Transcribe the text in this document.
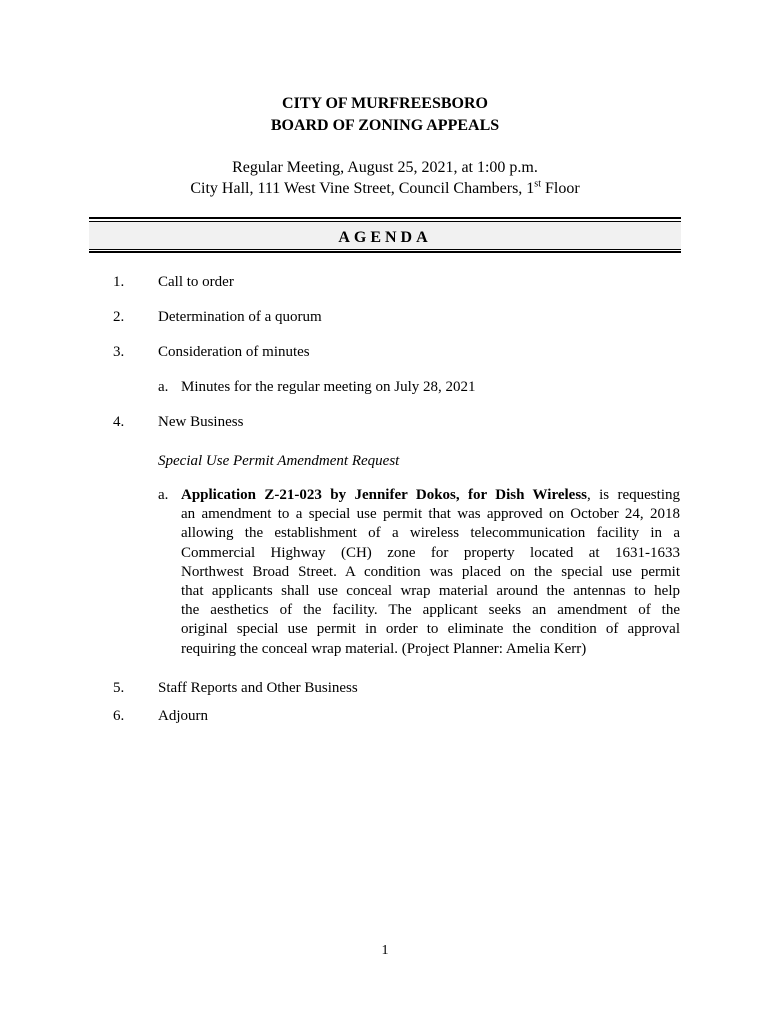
CITY OF MURFREESBORO
BOARD OF ZONING APPEALS
Regular Meeting, August 25, 2021, at 1:00 p.m.
City Hall, 111 West Vine Street, Council Chambers, 1st Floor
AGENDA
1. Call to order
2. Determination of a quorum
3. Consideration of minutes
a. Minutes for the regular meeting on July 28, 2021
4. New Business
Special Use Permit Amendment Request
a. Application Z-21-023 by Jennifer Dokos, for Dish Wireless, is requesting
an amendment to a special use permit that was approved on October 24, 2018
allowing the establishment of a wireless telecommunication facility in a
Commercial Highway (CH) zone for property located at 1631-1633
Northwest Broad Street. A condition was placed on the special use permit
that applicants shall use conceal wrap material around the antennas to help
the aesthetics of the facility. The applicant seeks an amendment of the
original special use permit in order to eliminate the condition of approval
requiring the conceal wrap material. (Project Planner: Amelia Kerr)
5. Staff Reports and Other Business
6. Adjourn
1
